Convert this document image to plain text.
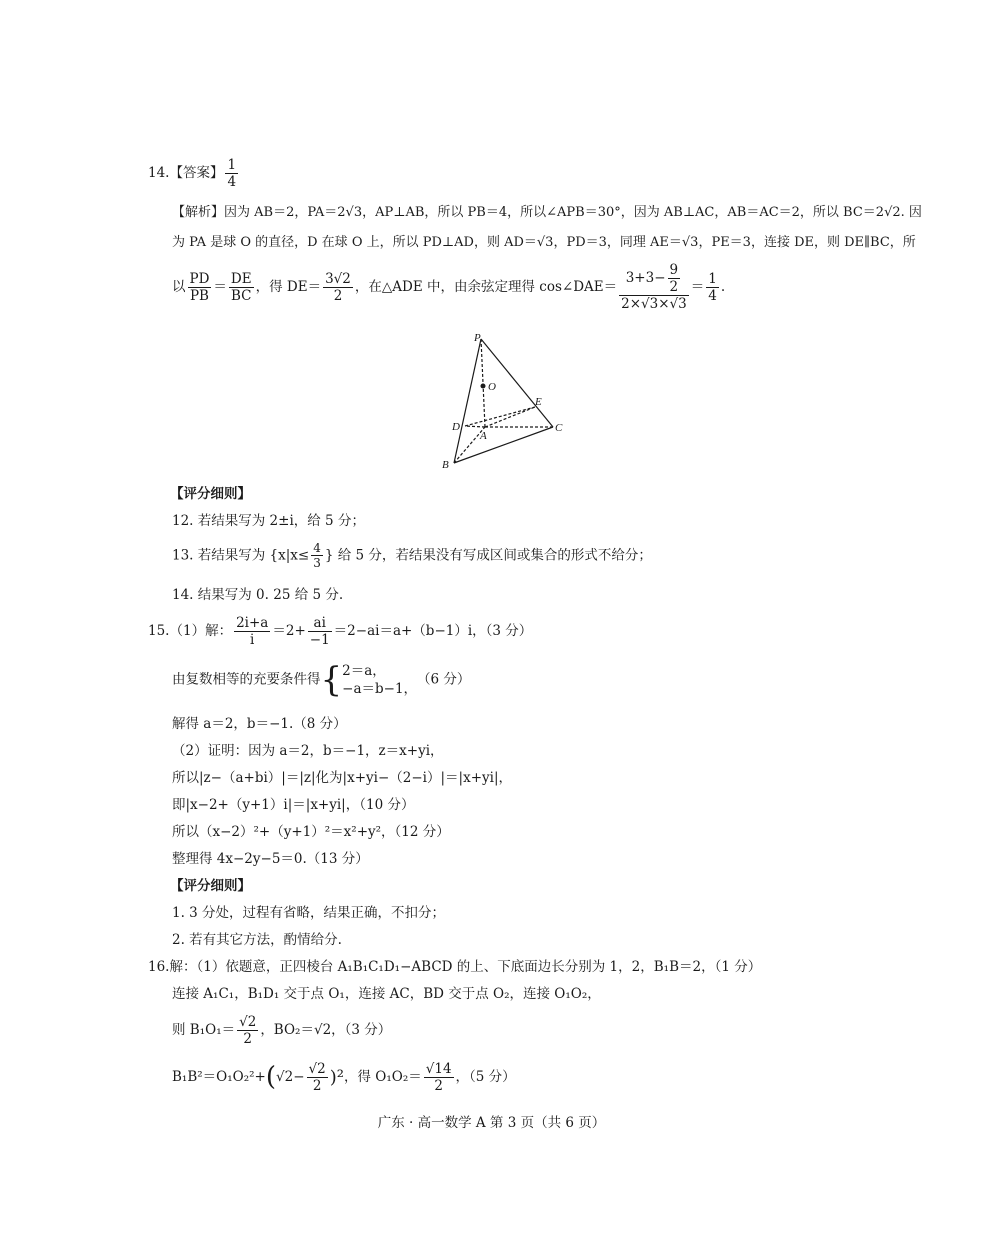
14.【答案】 $\frac{1}{4}$
【解析】因为 AB＝2，PA＝2√3，AP⊥AB，所以 PB＝4，所以∠APB＝30°，因为 AB⊥AC，AB＝AC＝2，所以 BC＝2√2. 因
为 PA 是球 O 的直径，D 在球 O 上，所以 PD⊥AD，则 AD＝√3，PD＝3，同理 AE＝√3，PE＝3，连接 DE，则 DE∥BC，所
以 $\frac{PD}{PB} = \frac{DE}{BC}$ ，得 $DE= \frac{3√2}{2}$ ，在△ADE 中，由余弦定理得 cos∠DAE＝ $\frac{3+3- \frac{9}{2}}{2\times√3\times√3} = \frac{1}{4}$ .
P
O
E
D
A
C
B
【评分细则】
12. 若结果写为 2±i，给 5 分；
13. 若结果写为 {$x|x\le \frac{4}{3}$ } 给 5 分，若结果没有写成区间或集合的形式不给分；
14. 结果写为 0. 25 给 5 分.
15.（1）解： $\frac{2i+a}{i} =2+ \frac{ai}{-1} =2-ai=a+(b-1)i$，（3 分）
由复数相等的充要条件得{ 2＝a，
−a＝b−1，
（6 分）
解得 a＝2，b＝−1.（8 分）
（2）证明：因为 a＝2，b＝−1，z＝x+yi，
所以|z−（a+bi）|＝|z|化为|x+yi−（2−i）|＝|x+yi|，
即|x−2+（y+1）i|＝|x+yi|，（10 分）
所以（x−2）²+（y+1）²＝x²+y²，（12 分）
整理得 4x−2y−5＝0.（13 分）
【评分细则】
1. 3 分处，过程有省略，结果正确，不扣分；
2. 若有其它方法，酌情给分.
16.解：（1）依题意，正四棱台 A₁B₁C₁D₁−ABCD 的上、下底面边长分别为 1，2，B₁B＝2，（1 分）
连接 A₁C₁，B₁D₁ 交于点 O₁，连接 AC，BD 交于点 O₂，连接 O₁O₂，
则 $B_1O_1= \frac{√2}{2}$ ，BO₂＝√2，（3 分）
$B_1B^2=O_1O_2^2+(√2- \frac{√2}{2} )^2$，得 $O_1O_2= \frac{√14}{2}$ ，（5 分）
广东 · 高一数学 A 第 3 页（共 6 页）
